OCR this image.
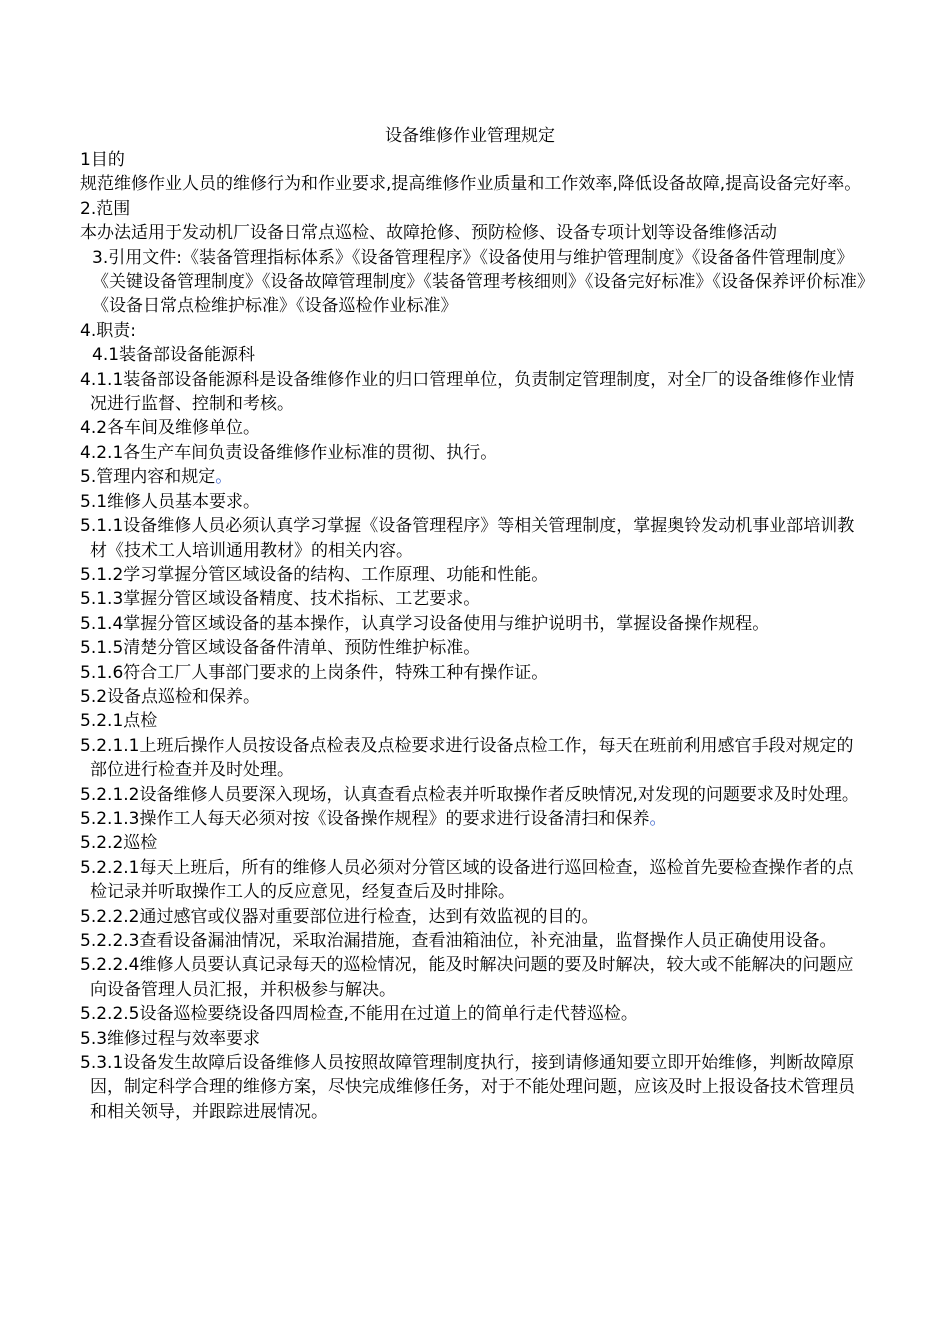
设备维修作业管理规定

1目的

规范维修作业人员的维修行为和作业要求,提高维修作业质量和工作效率,降低设备故障,提高设备完好率。

2.范围

本办法适用于发动机厂设备日常点巡检、故障抢修、预防检修、设备专项计划等设备维修活动

3.引用文件:《装备管理指标体系》《设备管理程序》《设备使用与维护管理制度》《设备备件管理制度》《关键设备管理制度》《设备故障管理制度》《装备管理考核细则》《设备完好标准》《设备保养评价标准》《设备日常点检维护标准》《设备巡检作业标准》

4.职责:

4.1装备部设备能源科

4.1.1装备部设备能源科是设备维修作业的归口管理单位，负责制定管理制度，对全厂的设备维修作业情况进行监督、控制和考核。

4.2各车间及维修单位。

4.2.1各生产车间负责设备维修作业标准的贯彻、执行。

5.管理内容和规定。

5.1维修人员基本要求。

5.1.1设备维修人员必须认真学习掌握《设备管理程序》等相关管理制度，掌握奥铃发动机事业部培训教材《技术工人培训通用教材》的相关内容。

5.1.2学习掌握分管区域设备的结构、工作原理、功能和性能。

5.1.3掌握分管区域设备精度、技术指标、工艺要求。

5.1.4掌握分管区域设备的基本操作，认真学习设备使用与维护说明书，掌握设备操作规程。

5.1.5清楚分管区域设备备件清单、预防性维护标准。

5.1.6符合工厂人事部门要求的上岗条件，特殊工种有操作证。

5.2设备点巡检和保养。

5.2.1点检

5.2.1.1上班后操作人员按设备点检表及点检要求进行设备点检工作，每天在班前利用感官手段对规定的部位进行检查并及时处理。

5.2.1.2设备维修人员要深入现场，认真查看点检表并听取操作者反映情况,对发现的问题要求及时处理。

5.2.1.3操作工人每天必须对按《设备操作规程》的要求进行设备清扫和保养。

5.2.2巡检

5.2.2.1每天上班后，所有的维修人员必须对分管区域的设备进行巡回检查，巡检首先要检查操作者的点检记录并听取操作工人的反应意见，经复查后及时排除。

5.2.2.2通过感官或仪器对重要部位进行检查，达到有效监视的目的。

5.2.2.3查看设备漏油情况，采取治漏措施，查看油箱油位，补充油量，监督操作人员正确使用设备。

5.2.2.4维修人员要认真记录每天的巡检情况，能及时解决问题的要及时解决，较大或不能解决的问题应向设备管理人员汇报，并积极参与解决。

5.2.2.5设备巡检要绕设备四周检查,不能用在过道上的简单行走代替巡检。

5.3维修过程与效率要求

5.3.1设备发生故障后设备维修人员按照故障管理制度执行，接到请修通知要立即开始维修，判断故障原因，制定科学合理的维修方案，尽快完成维修任务，对于不能处理问题，应该及时上报设备技术管理员和相关领导，并跟踪进展情况。
